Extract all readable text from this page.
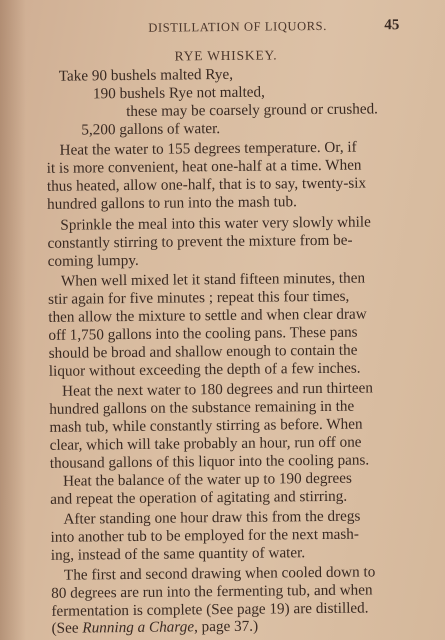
DISTILLATION OF LIQUORS.	45
RYE WHISKEY.
Take 90 bushels malted Rye,
190 bushels Rye not malted,
these may be coarsely ground or crushed.
5,200 gallons of water.
Heat the water to 155 degrees temperature. Or, if
it is more convenient, heat one-half at a time. When
thus heated, allow one-half, that is to say, twenty-six
hundred gallons to run into the mash tub.
Sprinkle the meal into this water very slowly while
constantly stirring to prevent the mixture from be-
coming lumpy.
When well mixed let it stand fifteen minutes, then
stir again for five minutes ; repeat this four times,
then allow the mixture to settle and when clear draw
off 1,750 gallons into the cooling pans. These pans
should be broad and shallow enough to contain the
liquor without exceeding the depth of a few inches.
Heat the next water to 180 degrees and run thirteen
hundred gallons on the substance remaining in the
mash tub, while constantly stirring as before. When
clear, which will take probably an hour, run off one
thousand gallons of this liquor into the cooling pans.
Heat the balance of the water up to 190 degrees
and repeat the operation of agitating and stirring.
After standing one hour draw this from the dregs
into another tub to be employed for the next mash-
ing, instead of the same quantity of water.
The first and second drawing when cooled down to
80 degrees are run into the fermenting tub, and when
fermentation is complete (See page 19) are distilled.
(See Running a Charge, page 37.)
